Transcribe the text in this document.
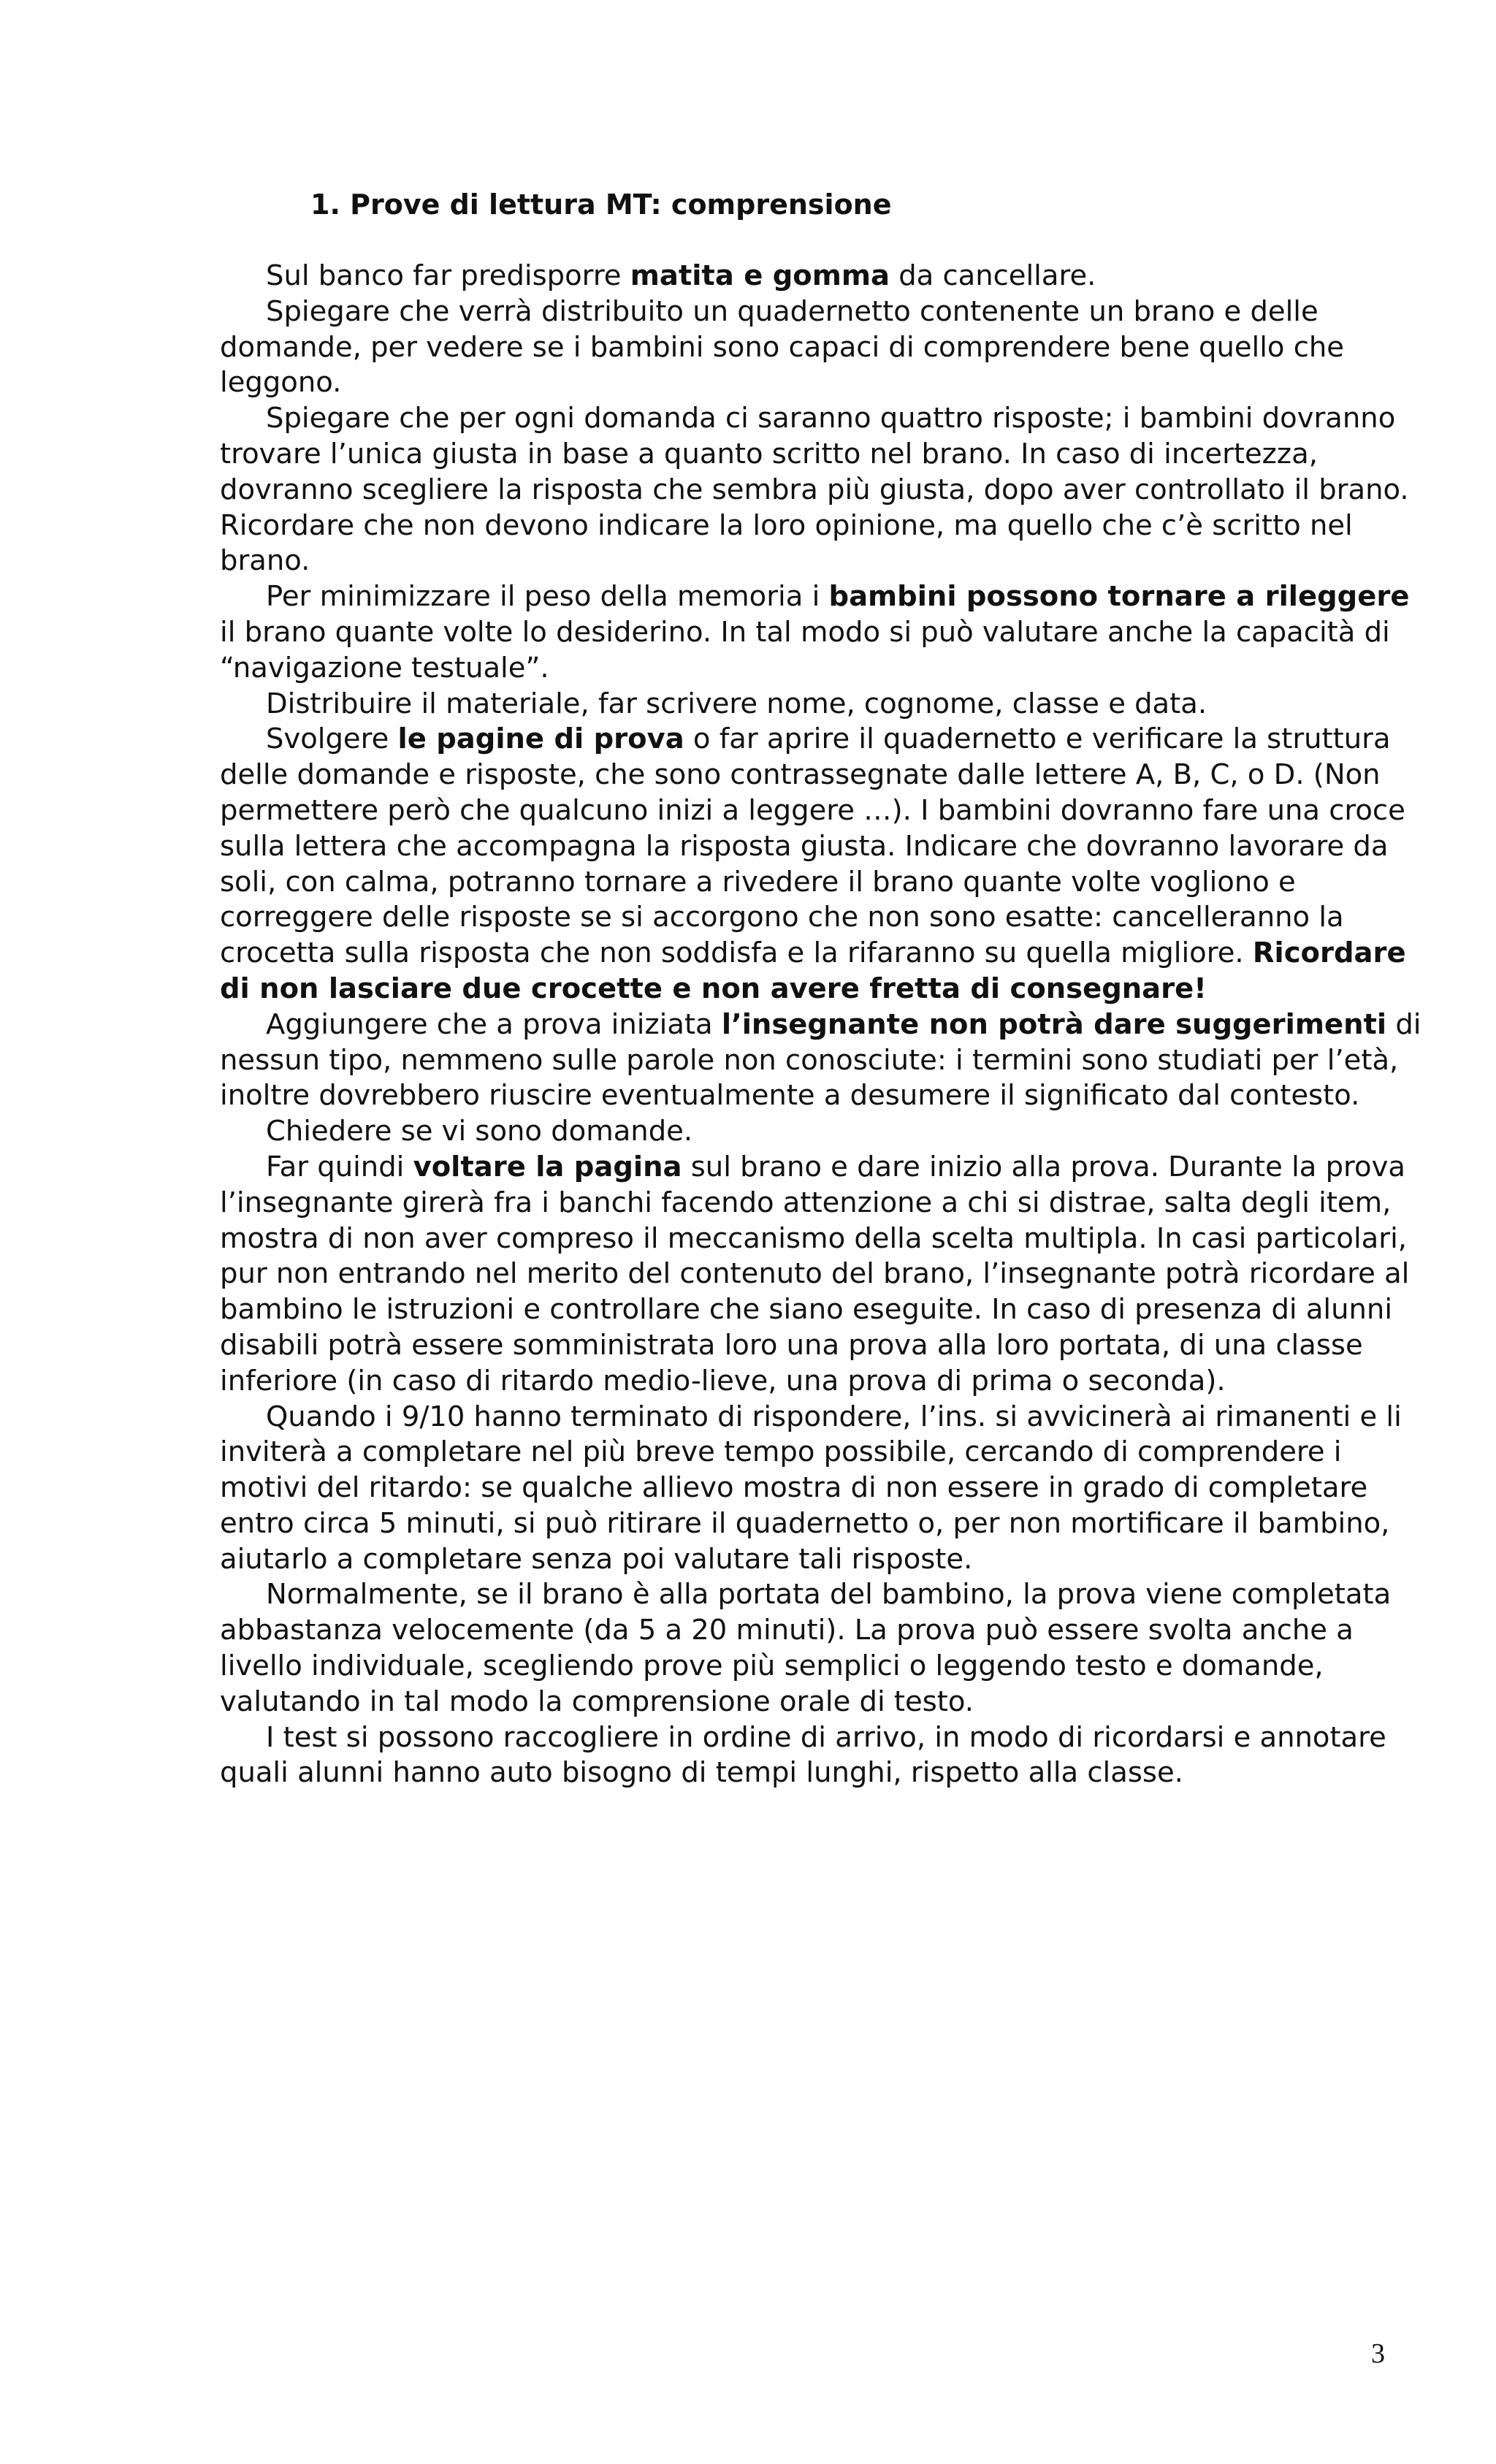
1. Prove di lettura MT: comprensione

Sul banco far predisporre matita e gomma da cancellare.

Spiegare che verrà distribuito un quadernetto contenente un brano e delle domande, per vedere se i bambini sono capaci di comprendere bene quello che leggono.

Spiegare che per ogni domanda ci saranno quattro risposte; i bambini dovranno trovare l’unica giusta in base a quanto scritto nel brano. In caso di incertezza, dovranno scegliere la risposta che sembra più giusta, dopo aver controllato il brano. Ricordare che non devono indicare la loro opinione, ma quello che c’è scritto nel brano.

Per minimizzare il peso della memoria i bambini possono tornare a rileggere il brano quante volte lo desiderino. In tal modo si può valutare anche la capacità di “navigazione testuale”.

Distribuire il materiale, far scrivere nome, cognome, classe e data.

Svolgere le pagine di prova o far aprire il quadernetto e verificare la struttura delle domande e risposte, che sono contrassegnate dalle lettere A, B, C, o D. (Non permettere però che qualcuno inizi a leggere …). I bambini dovranno fare una croce sulla lettera che accompagna la risposta giusta. Indicare che dovranno lavorare da soli, con calma, potranno tornare a rivedere il brano quante volte vogliono e correggere delle risposte se si accorgono che non sono esatte: cancelleranno la crocetta sulla risposta che non soddisfa e la rifaranno su quella migliore. Ricordare di non lasciare due crocette e non avere fretta di consegnare!

Aggiungere che a prova iniziata l’insegnante non potrà dare suggerimenti di nessun tipo, nemmeno sulle parole non conosciute: i termini sono studiati per l’età, inoltre dovrebbero riuscire eventualmente a desumere il significato dal contesto.

Chiedere se vi sono domande.

Far quindi voltare la pagina sul brano e dare inizio alla prova. Durante la prova l’insegnante girerà fra i banchi facendo attenzione a chi si distrae, salta degli item, mostra di non aver compreso il meccanismo della scelta multipla. In casi particolari, pur non entrando nel merito del contenuto del brano, l’insegnante potrà ricordare al bambino le istruzioni e controllare che siano eseguite. In caso di presenza di alunni disabili potrà essere somministrata loro una prova alla loro portata, di una classe inferiore (in caso di ritardo medio-lieve, una prova di prima o seconda).

Quando i 9/10 hanno terminato di rispondere, l’ins. si avvicinerà ai rimanenti e li inviterà a completare nel più breve tempo possibile, cercando di comprendere i motivi del ritardo: se qualche allievo mostra di non essere in grado di completare entro circa 5 minuti, si può ritirare il quadernetto o, per non mortificare il bambino, aiutarlo a completare senza poi valutare tali risposte.

Normalmente, se il brano è alla portata del bambino, la prova viene completata abbastanza velocemente (da 5 a 20 minuti). La prova può essere svolta anche a livello individuale, scegliendo prove più semplici o leggendo testo e domande, valutando in tal modo la comprensione orale di testo.

I test si possono raccogliere in ordine di arrivo, in modo di ricordarsi e annotare quali alunni hanno auto bisogno di tempi lunghi, rispetto alla classe.

3
